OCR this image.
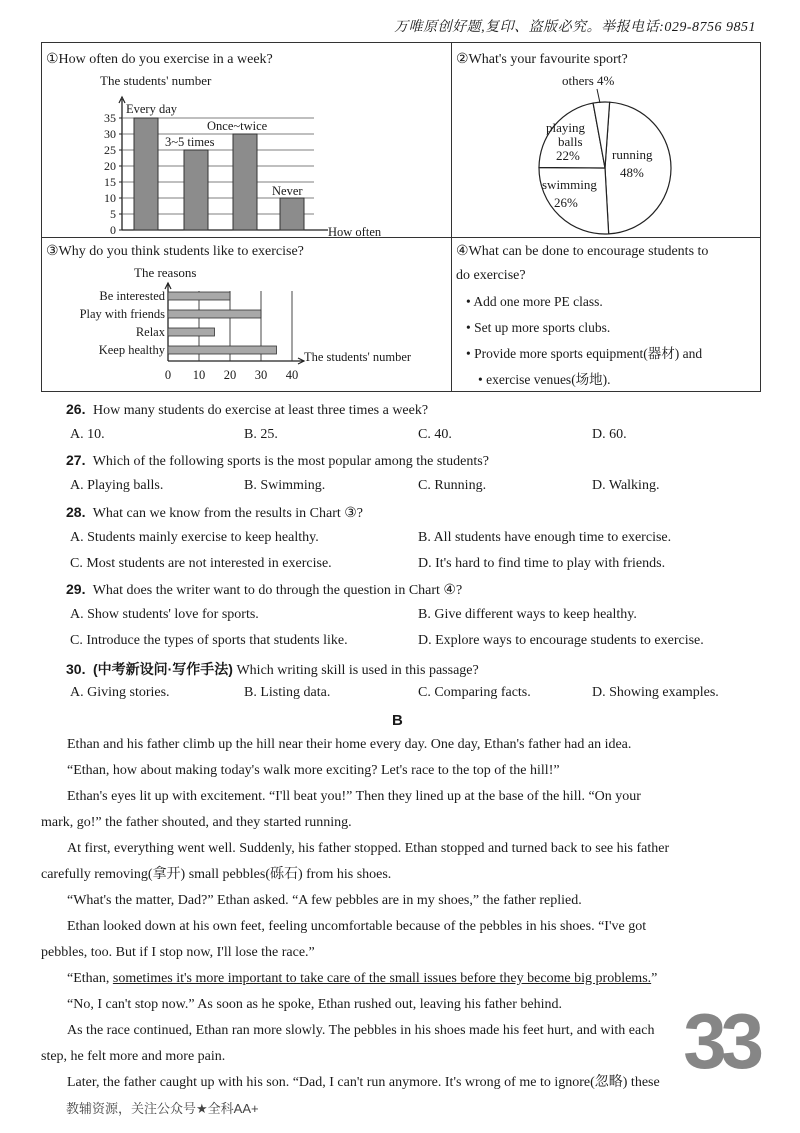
万唯原创好题,复印、盗版必究。举报电话:029-8756 9851
①How often do you exercise in a week?	②What's your favourite sport?
③Why do you think students like to exercise?	④What can be done to encourage students to
do exercise?
• Add one more PE class.
• Set up more sports clubs.
• Provide more sports equipment(器材) and
• exercise venues(场地).
The students' number
0
5
10
15
20
25
30
35
Every day
3~5 times
Once~twice
Never
How often
running
48%
swimming
26%
playing
balls
22%
others 4%
The reasons
0 10 20 30 40
Be interested
Play with friends
Relax
Keep healthy	The students' number
26. How many students do exercise at least three times a week?
A. 10.	B. 25.	C. 40.	D. 60.
27. Which of the following sports is the most popular among the students?
A. Playing balls.	B. Swimming.	C. Running.	D. Walking.
28. What can we know from the results in Chart ③?
A. Students mainly exercise to keep healthy.	B. All students have enough time to exercise.
C. Most students are not interested in exercise.	D. It's hard to find time to play with friends.
29. What does the writer want to do through the question in Chart ④?
A. Show students' love for sports.	B. Give different ways to keep healthy.
C. Introduce the types of sports that students like.	D. Explore ways to encourage students to exercise.
30. (中考新设问·写作手法) Which writing skill is used in this passage?
A. Giving stories.	B. Listing data.	C. Comparing facts.	D. Showing examples.
B

Ethan and his father climb up the hill near their home every day. One day, Ethan's father had an idea.

“Ethan, how about making today's walk more exciting? Let's race to the top of the hill!”

Ethan's eyes lit up with excitement. “I'll beat you!” Then they lined up at the base of the hill. “On your

mark, go!” the father shouted, and they started running.

At first, everything went well. Suddenly, his father stopped. Ethan stopped and turned back to see his father

carefully removing(拿开) small pebbles(砾石) from his shoes.

“What's the matter, Dad?” Ethan asked. “A few pebbles are in my shoes,” the father replied.

Ethan looked down at his own feet, feeling uncomfortable because of the pebbles in his shoes. “I've got

pebbles, too. But if I stop now, I'll lose the race.”

“Ethan, sometimes it's more important to take care of the small issues before they become big problems.”

“No, I can't stop now.” As soon as he spoke, Ethan rushed out, leaving his father behind.

As the race continued, Ethan ran more slowly. The pebbles in his shoes made his feet hurt, and with each

step, he felt more and more pain.

Later, the father caught up with his son. “Dad, I can't run anymore. It's wrong of me to ignore(忽略) these 33
教辅资源，关注公众号★全科AA+
